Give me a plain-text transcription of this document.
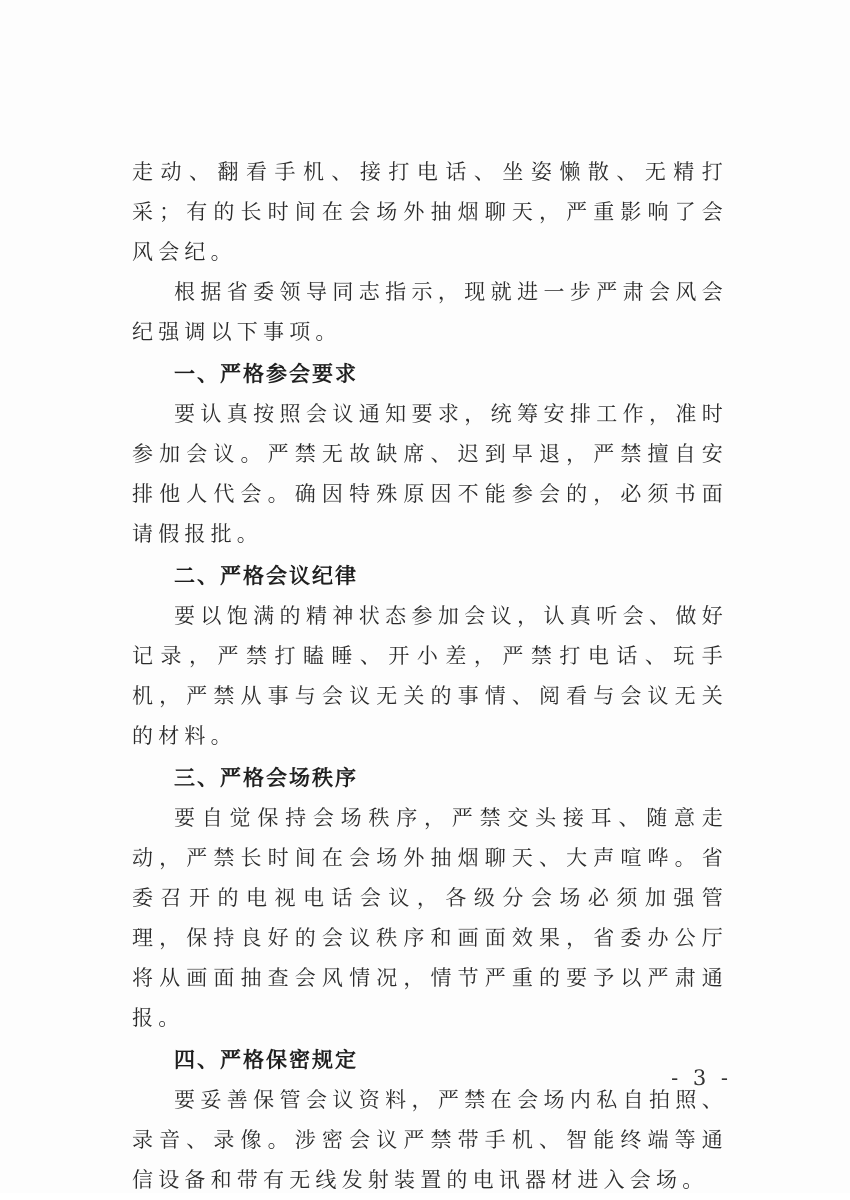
走动、翻看手机、接打电话、坐姿懒散、无精打采；有的长时间在会场外抽烟聊天，严重影响了会风会纪。

根据省委领导同志指示，现就进一步严肃会风会纪强调以下事项。

一、严格参会要求

要认真按照会议通知要求，统筹安排工作，准时参加会议。严禁无故缺席、迟到早退，严禁擅自安排他人代会。确因特殊原因不能参会的，必须书面请假报批。

二、严格会议纪律

要以饱满的精神状态参加会议，认真听会、做好记录，严禁打瞌睡、开小差，严禁打电话、玩手机，严禁从事与会议无关的事情、阅看与会议无关的材料。

三、严格会场秩序

要自觉保持会场秩序，严禁交头接耳、随意走动，严禁长时间在会场外抽烟聊天、大声喧哗。省委召开的电视电话会议，各级分会场必须加强管理，保持良好的会议秩序和画面效果，省委办公厅将从画面抽查会风情况，情节严重的要予以严肃通报。

四、严格保密规定

要妥善保管会议资料，严禁在会场内私自拍照、录音、录像。涉密会议严禁带手机、智能终端等通信设备和带有无线发射装置的电讯器材进入会场。

- 3 -
